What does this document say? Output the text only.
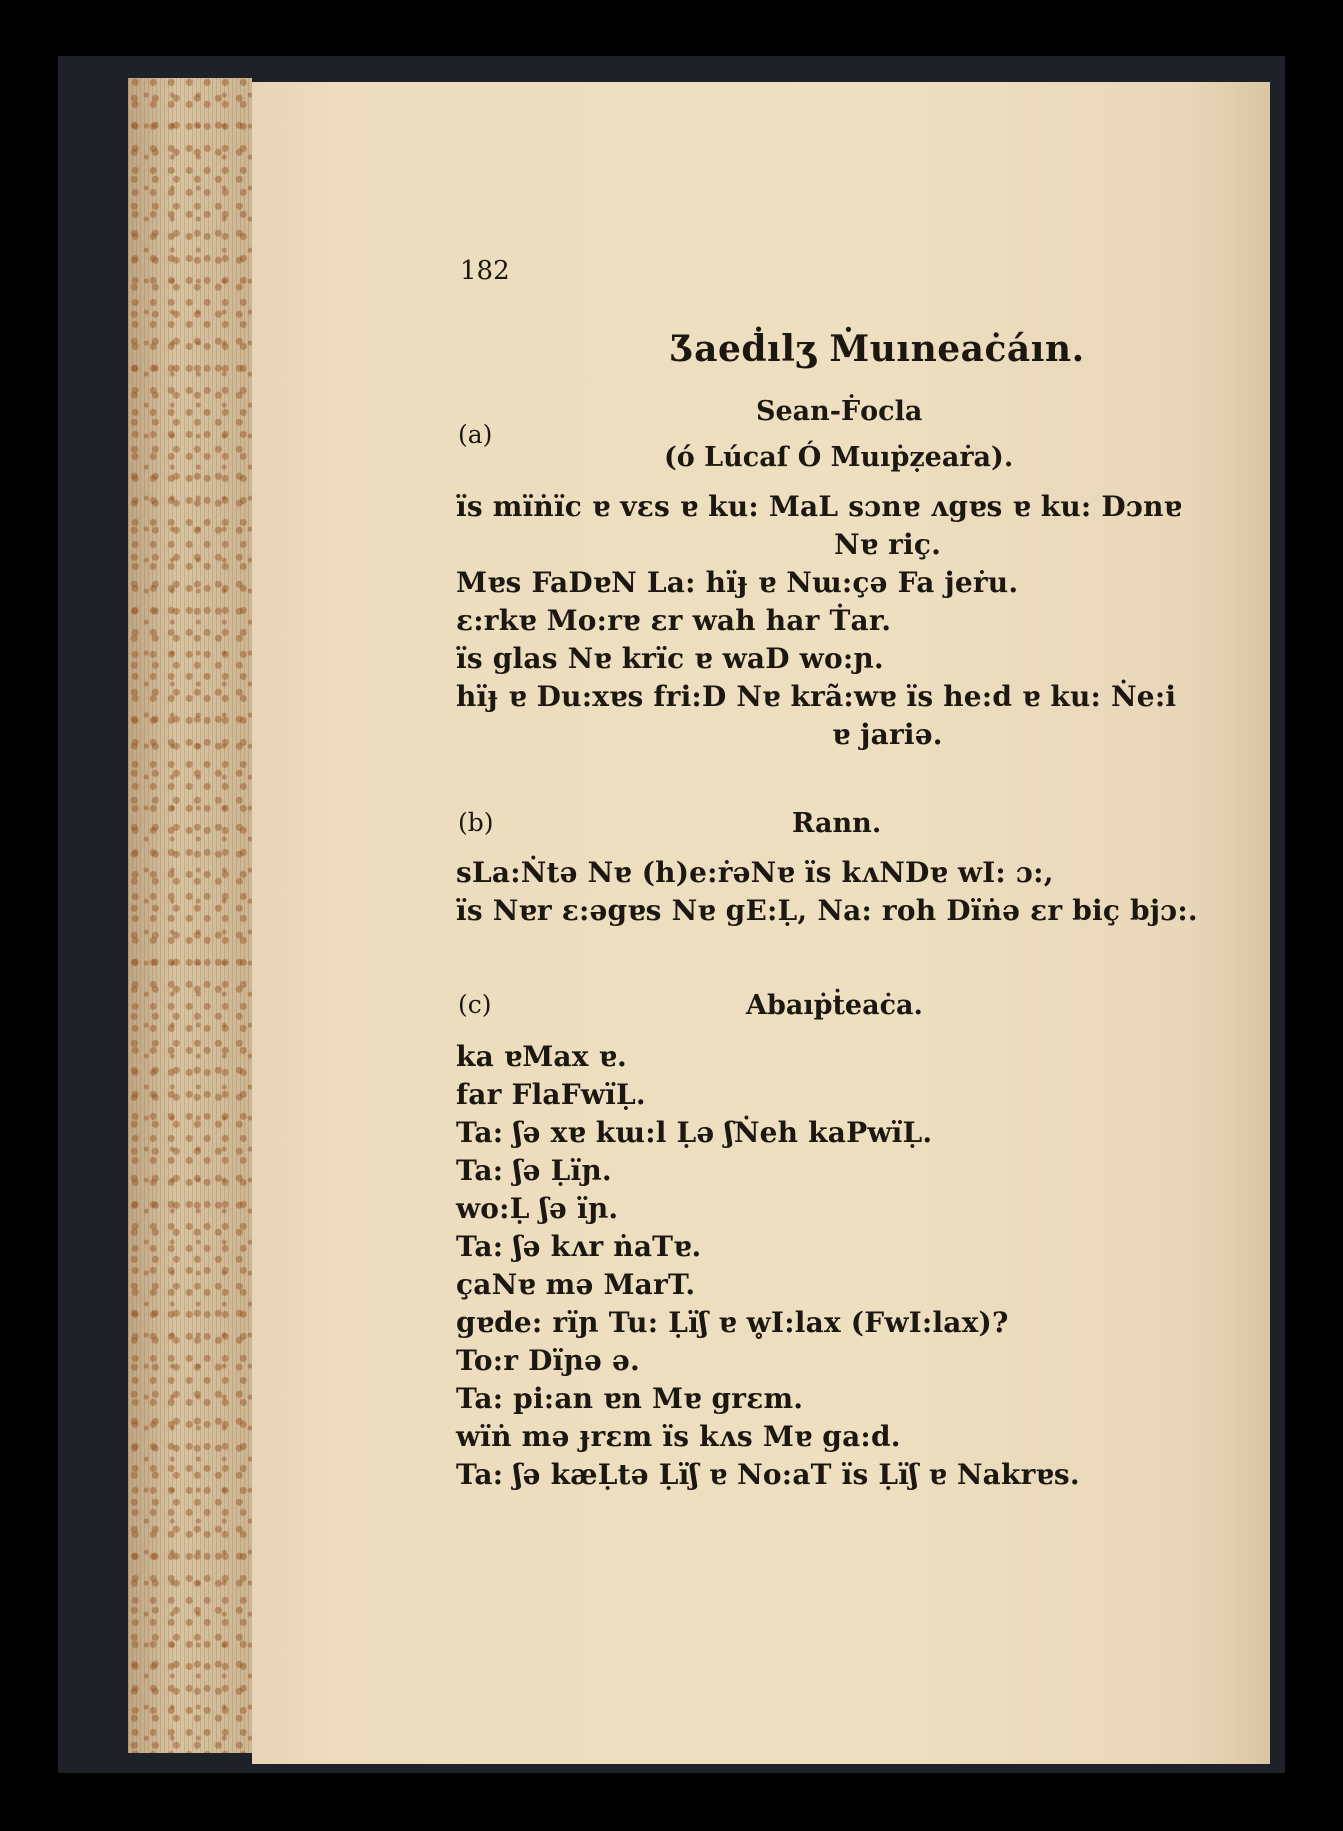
182
Ʒaeḋılʒ Ṁuıneaċáın.
(a)
Sean-Ḟocla
(ó Lúcaſ Ó Muıṗẓeaṙa).
ïs mïṅïc ɐ vɛs ɐ ku: MaL sɔnɐ ʌgɐs ɐ ku: Dɔnɐ
Nɐ riç.
Mɐs FaDɐN La: hïɟ ɐ Nɯ:çə Fa jeṙu.
ɛ:rkɐ Mo:rɐ ɛr wah har Ṫar.
ïs glas Nɐ krïc ɐ waD wo:ɲ.
hïɟ ɐ Du:xɐs fri:D Nɐ krã:wɐ ïs he:d ɐ ku: Ṅe:i
ɐ jariə.
(b)	Rann.
sLa:Ṅtə Nɐ (h)e:ṙəNɐ ïs kʌNDɐ wI: ɔ:,
ïs Nɐr ɛ:əgɐs Nɐ gE:Ḷ, Na: roh Dïṅə ɛr biç bjɔ:.
(c)	Abaıṗṫeaċa.
ka ɐMax ɐ.
far FlaFwïḶ.
Ta: ʃə xɐ kɯ:l Ḷə ʃṄeh kaPwïḶ.
Ta: ʃə Ḷïɲ.
wo:Ḷ ʃə ïɲ.
Ta: ʃə kʌr ṅaTɐ.
çaNɐ mə MarT.
gɐde: rïɲ Tu: Ḷïʃ ɐ w̥I:lax (FwI:lax)?
To:r Dïɲə ə.
Ta: pi:an ɐn Mɐ grɛm.
wïṅ mə ɟrɛm ïs kʌs Mɐ ga:d.
Ta: ʃə kæḶtə Ḷïʃ ɐ No:aT ïs Ḷïʃ ɐ Nakrɐs.
